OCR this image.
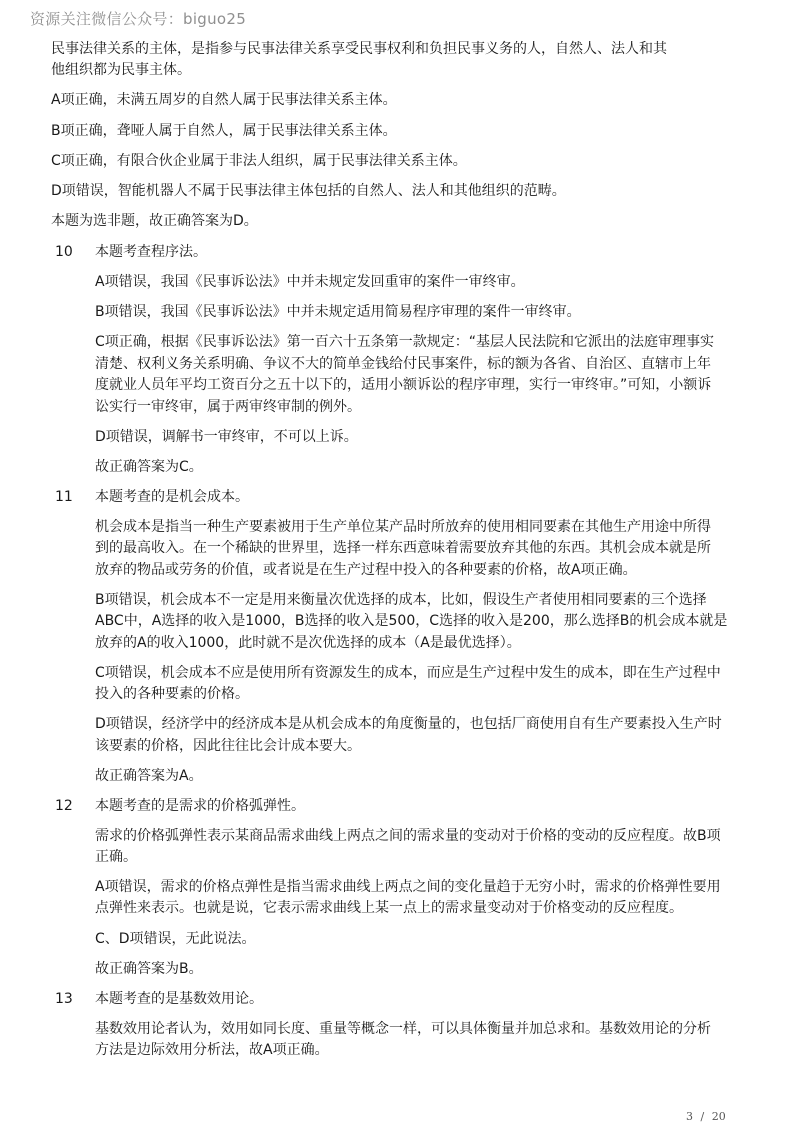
资源关注微信公众号：biguo25

民事法律关系的主体，是指参与民事法律关系享受民事权利和负担民事义务的人，自然人、法人和其

他组织都为民事主体。

A项正确，未满五周岁的自然人属于民事法律关系主体。

B项正确，聋哑人属于自然人，属于民事法律关系主体。

C项正确，有限合伙企业属于非法人组织，属于民事法律关系主体。

D项错误，智能机器人不属于民事法律主体包括的自然人、法人和其他组织的范畴。

本题为选非题，故正确答案为D。

10 本题考查程序法。

A项错误，我国《民事诉讼法》中并未规定发回重审的案件一审终审。

B项错误，我国《民事诉讼法》中并未规定适用简易程序审理的案件一审终审。

C项正确，根据《民事诉讼法》第一百六十五条第一款规定：“基层人民法院和它派出的法庭审理事实

清楚、权利义务关系明确、争议不大的简单金钱给付民事案件，标的额为各省、自治区、直辖市上年

度就业人员年平均工资百分之五十以下的，适用小额诉讼的程序审理，实行一审终审。”可知，小额诉

讼实行一审终审，属于两审终审制的例外。

D项错误，调解书一审终审，不可以上诉。

故正确答案为C。

11 本题考查的是机会成本。

机会成本是指当一种生产要素被用于生产单位某产品时所放弃的使用相同要素在其他生产用途中所得

到的最高收入。在一个稀缺的世界里，选择一样东西意味着需要放弃其他的东西。其机会成本就是所

放弃的物品或劳务的价值，或者说是在生产过程中投入的各种要素的价格，故A项正确。

B项错误，机会成本不一定是用来衡量次优选择的成本，比如，假设生产者使用相同要素的三个选择

ABC中，A选择的收入是1000，B选择的收入是500，C选择的收入是200，那么选择B的机会成本就是

放弃的A的收入1000，此时就不是次优选择的成本（A是最优选择）。

C项错误，机会成本不应是使用所有资源发生的成本，而应是生产过程中发生的成本，即在生产过程中

投入的各种要素的价格。

D项错误，经济学中的经济成本是从机会成本的角度衡量的，也包括厂商使用自有生产要素投入生产时

该要素的价格，因此往往比会计成本要大。

故正确答案为A。

12 本题考查的是需求的价格弧弹性。

需求的价格弧弹性表示某商品需求曲线上两点之间的需求量的变动对于价格的变动的反应程度。故B项

正确。

A项错误，需求的价格点弹性是指当需求曲线上两点之间的变化量趋于无穷小时，需求的价格弹性要用

点弹性来表示。也就是说，它表示需求曲线上某一点上的需求量变动对于价格变动的反应程度。

C、D项错误，无此说法。

故正确答案为B。

13 本题考查的是基数效用论。

基数效用论者认为，效用如同长度、重量等概念一样，可以具体衡量并加总求和。基数效用论的分析

方法是边际效用分析法，故A项正确。

3 / 20
